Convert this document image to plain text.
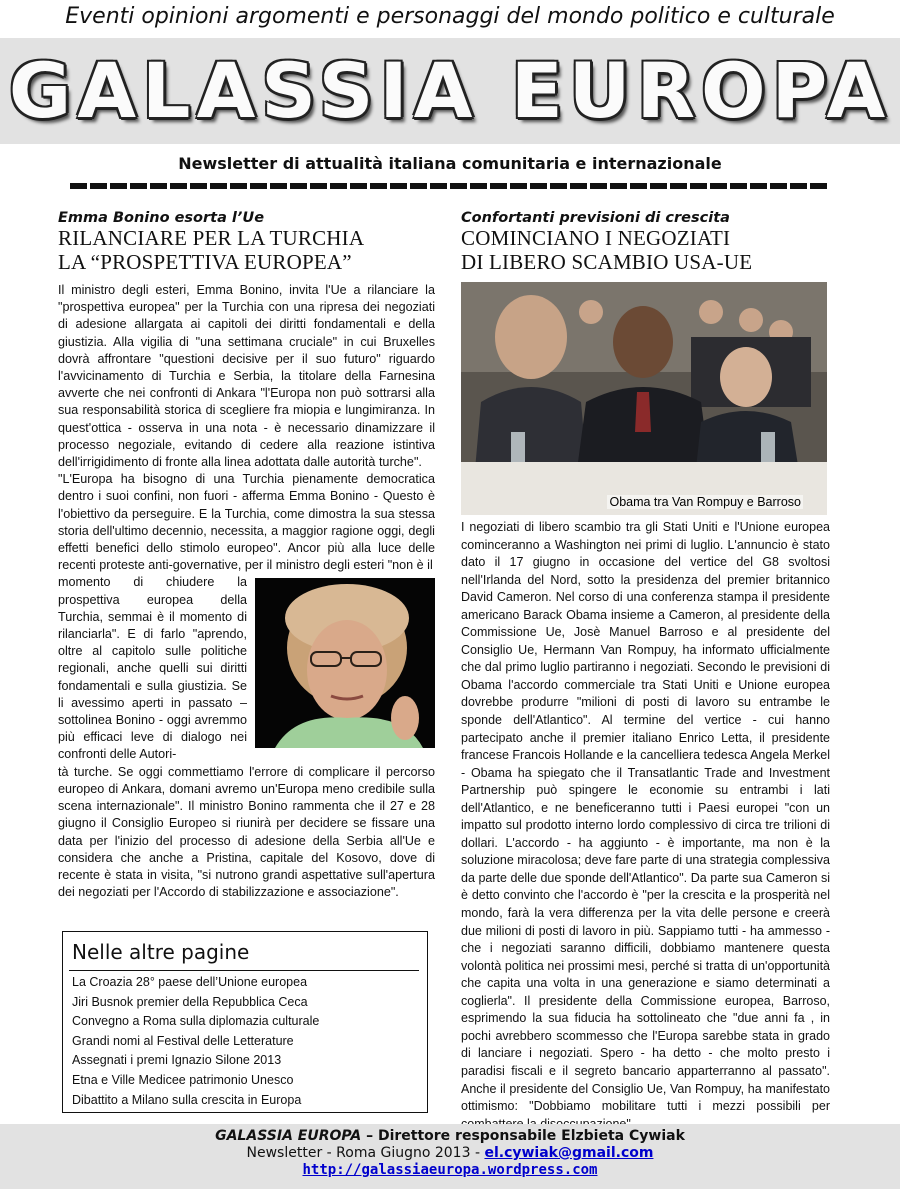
Eventi opinioni argomenti e personaggi del mondo politico e culturale
GALASSIA EUROPA
Newsletter di attualità italiana comunitaria e internazionale

Emma Bonino esorta l’Ue

RILANCIARE PER LA TURCHIA

LA “PROSPETTIVA EUROPEA”

Il ministro degli esteri, Emma Bonino, invita l'Ue a rilanciare la "prospettiva europea" per la Turchia con una ripresa dei negoziati di adesione allargata ai capitoli dei diritti fondamentali e della giustizia. Alla vigilia di "una settimana cruciale" in cui Bruxelles dovrà affrontare "questioni decisive per il suo futuro" riguardo l'avvicinamento di Turchia e Serbia, la titolare della Farnesina avverte che nei confronti di Ankara "l'Europa non può sottrarsi alla sua responsabilità storica di scegliere fra miopia e lungimiranza. In quest'ottica - osserva in una nota - è necessario dinamizzare il processo negoziale, evitando di cedere alla reazione istintiva dell'irrigidimento di fronte alla linea adottata dalle autorità turche".

"L'Europa ha bisogno di una Turchia pienamente democratica dentro i suoi confini, non fuori - afferma Emma Bonino - Questo è l'obiettivo da perseguire. E la Turchia, come dimostra la sua stessa storia dell'ultimo decennio, necessita, a maggior ragione oggi, degli effetti benefici dello stimolo europeo". Ancor più alla luce delle recenti proteste anti-governative, per il ministro degli esteri "non è il

momento di chiudere la prospettiva europea della Turchia, semmai è il momento di rilanciarla". E di farlo "aprendo, oltre al capitolo sulle politiche regionali, anche quelli sui diritti fondamentali e sulla giustizia. Se li avessimo aperti in passato – sottolinea Bonino - oggi avremmo più efficaci leve di dialogo nei confronti delle Autori-

tà turche. Se oggi commettiamo l'errore di complicare il percorso europeo di Ankara, domani avremo un'Europa meno credibile sulla scena internazionale". Il ministro Bonino rammenta che il 27 e 28 giugno il Consiglio Europeo si riunirà per decidere se fissare una data per l'inizio del processo di adesione della Serbia all'Ue e considera che anche a Pristina, capitale del Kosovo, dove di recente è stata in visita, "si nutrono grandi aspettative sull'apertura dei negoziati per l'Accordo di stabilizzazione e associazione".

Nelle altre pagine
La Croazia 28° paese dell’Unione europea
Jiri Busnok premier della Repubblica Ceca
Convegno a Roma sulla diplomazia culturale
Grandi nomi al Festival delle Letterature
Assegnati i premi Ignazio Silone 2013
Etna e Ville Medicee patrimonio Unesco
Dibattito a Milano sulla crescita in Europa

Confortanti previsioni di crescita

COMINCIANO I NEGOZIATI

DI LIBERO SCAMBIO USA-UE

Obama tra Van Rompuy e Barroso

I negoziati di libero scambio tra gli Stati Uniti e l'Unione europea cominceranno a Washington nei primi di luglio. L'annuncio è stato dato il 17 giugno in occasione del vertice del G8 svoltosi nell'Irlanda del Nord, sotto la presidenza del premier britannico David Cameron. Nel corso di una conferenza stampa il presidente americano Barack Obama insieme a Cameron, al presidente della Commissione Ue, Josè Manuel Barroso e al presidente del Consiglio Ue, Hermann Van Rompuy, ha informato ufficialmente che dal primo luglio partiranno i negoziati. Secondo le previsioni di Obama l'accordo commerciale tra Stati Uniti e Unione europea dovrebbe produrre "milioni di posti di lavoro su entrambe le sponde dell'Atlantico". Al termine del vertice - cui hanno partecipato anche il premier italiano Enrico Letta, il presidente francese Francois Hollande e la cancelliera tedesca Angela Merkel - Obama ha spiegato che il Transatlantic Trade and Investment Partnership può spingere le economie su entrambi i lati dell'Atlantico, e ne beneficeranno tutti i Paesi europei "con un impatto sul prodotto interno lordo complessivo di circa tre trilioni di dollari. L'accordo - ha aggiunto - è importante, ma non è la soluzione miracolosa; deve fare parte di una strategia complessiva da parte delle due sponde dell'Atlantico". Da parte sua Cameron si è detto convinto che l'accordo è "per la crescita e la prosperità nel mondo, farà la vera differenza per la vita delle persone e creerà due milioni di posti di lavoro in più. Sappiamo tutti - ha ammesso - che i negoziati saranno difficili, dobbiamo mantenere questa volontà politica nei prossimi mesi, perché si tratta di un'opportunità che capita una volta in una generazione e siamo determinati a coglierla". Il presidente della Commissione europea, Barroso, esprimendo la sua fiducia ha sottolineato che "due anni fa , in pochi avrebbero scommesso che l'Europa sarebbe stata in grado di lanciare i negoziati. Spero - ha detto - che molto presto i paradisi fiscali e il segreto bancario apparterranno al passato". Anche il presidente del Consiglio Ue, Van Rompuy, ha manifestato ottimismo: "Dobbiamo mobilitare tutti i mezzi possibili per

GALASSIA EUROPA – Direttore responsabile Elzbieta Cywiak
Newsletter - Roma Giugno 2013 - el.cywiak@gmail.com
http://galassiaeuropa.wordpress.com
